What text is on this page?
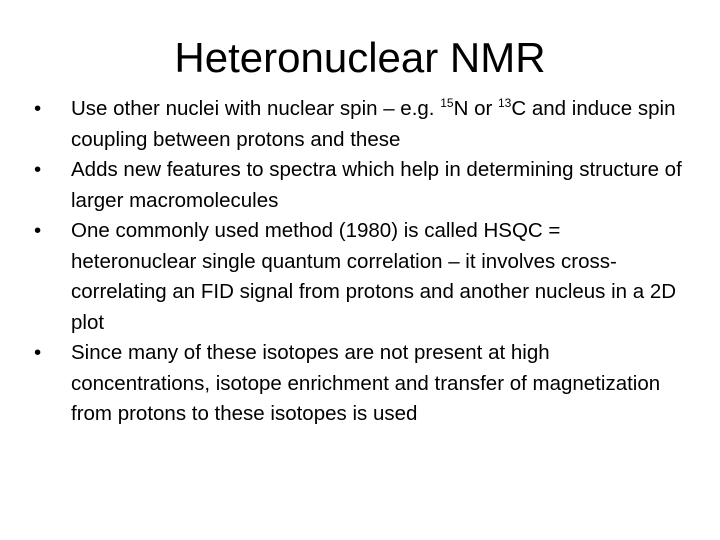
Heteronuclear NMR
•	Use other nuclei with nuclear spin – e.g. $^{15}$N or $^{13}$C and induce spin coupling between protons and these
•	Adds new features to spectra which help in determining structure of larger macromolecules
•	One commonly used method (1980) is called HSQC = heteronuclear single quantum correlation – it involves cross-correlating an FID signal from protons and another nucleus in a 2D plot
•	Since many of these isotopes are not present at high concentrations, isotope enrichment and transfer of magnetization from protons to these isotopes is used
